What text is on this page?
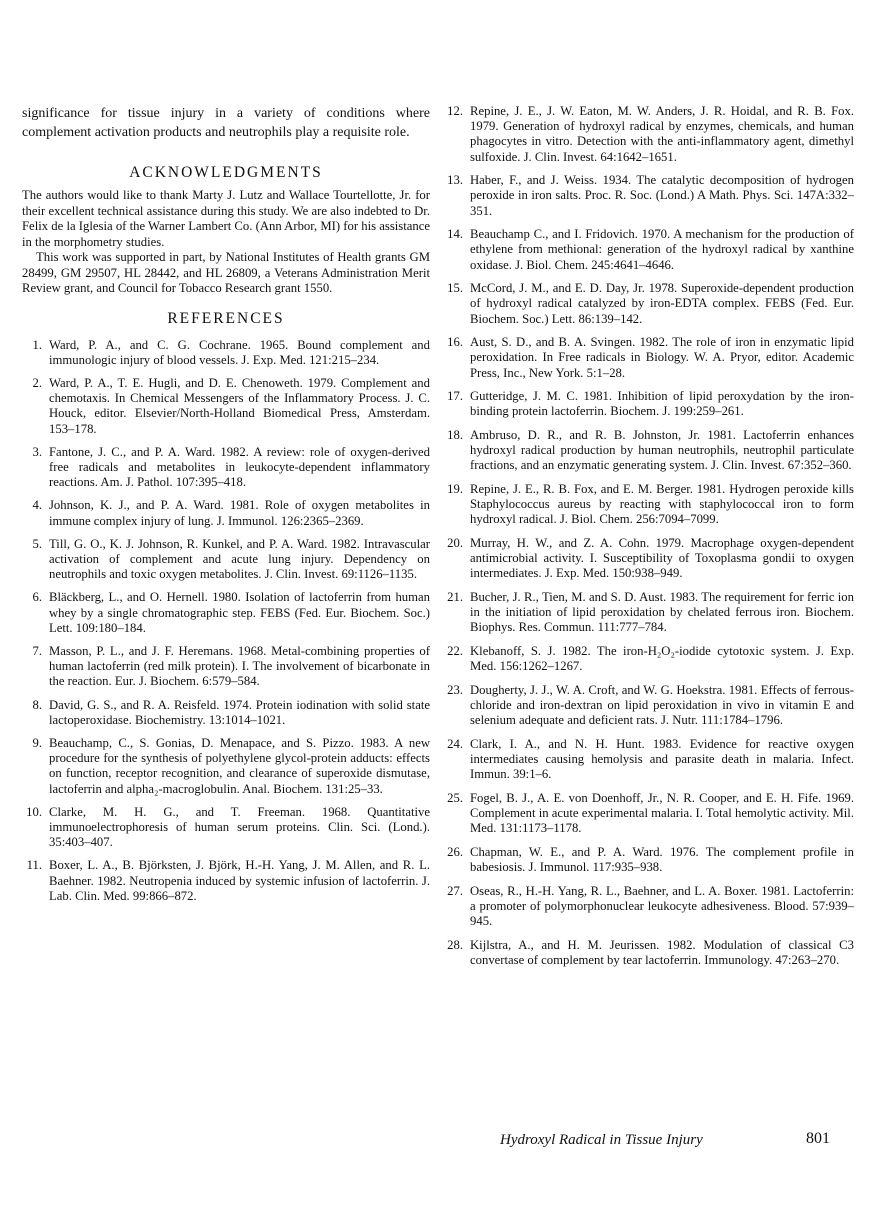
significance for tissue injury in a variety of conditions where complement activation products and neutrophils play a requisite role.

ACKNOWLEDGMENTS

The authors would like to thank Marty J. Lutz and Wallace Tourtellotte, Jr. for their excellent technical assistance during this study. We are also indebted to Dr. Felix de la Iglesia of the Warner Lambert Co. (Ann Arbor, MI) for his assistance in the morphometry studies.

This work was supported in part, by National Institutes of Health grants GM 28499, GM 29507, HL 28442, and HL 26809, a Veterans Administration Merit Review grant, and Council for Tobacco Research grant 1550.

REFERENCES
1. Ward, P. A., and C. G. Cochrane. 1965. Bound complement and immunologic injury of blood vessels. J. Exp. Med. 121:215–234.
2. Ward, P. A., T. E. Hugli, and D. E. Chenoweth. 1979. Complement and chemotaxis. In Chemical Messengers of the Inflammatory Process. J. C. Houck, editor. Elsevier/North-Holland Biomedical Press, Amsterdam. 153–178.
3. Fantone, J. C., and P. A. Ward. 1982. A review: role of oxygen-derived free radicals and metabolites in leukocyte-dependent inflammatory reactions. Am. J. Pathol. 107:395–418.
4. Johnson, K. J., and P. A. Ward. 1981. Role of oxygen metabolites in immune complex injury of lung. J. Immunol. 126:2365–2369.
5. Till, G. O., K. J. Johnson, R. Kunkel, and P. A. Ward. 1982. Intravascular activation of complement and acute lung injury. Dependency on neutrophils and toxic oxygen metabolites. J. Clin. Invest. 69:1126–1135.
6. Bläckberg, L., and O. Hernell. 1980. Isolation of lactoferrin from human whey by a single chromatographic step. FEBS (Fed. Eur. Biochem. Soc.) Lett. 109:180–184.
7. Masson, P. L., and J. F. Heremans. 1968. Metal-combining properties of human lactoferrin (red milk protein). I. The involvement of bicarbonate in the reaction. Eur. J. Biochem. 6:579–584.
8. David, G. S., and R. A. Reisfeld. 1974. Protein iodination with solid state lactoperoxidase. Biochemistry. 13:1014–1021.
9. Beauchamp, C., S. Gonias, D. Menapace, and S. Pizzo. 1983. A new procedure for the synthesis of polyethylene glycol-protein adducts: effects on function, receptor recognition, and clearance of superoxide dismutase, lactoferrin and alpha₂-macroglobulin. Anal. Biochem. 131:25–33.
10. Clarke, M. H. G., and T. Freeman. 1968. Quantitative immunoelectrophoresis of human serum proteins. Clin. Sci. (Lond.). 35:403–407.
11. Boxer, L. A., B. Björksten, J. Björk, H.-H. Yang, J. M. Allen, and R. L. Baehner. 1982. Neutropenia induced by systemic infusion of lactoferrin. J. Lab. Clin. Med. 99:866–872.
12. Repine, J. E., J. W. Eaton, M. W. Anders, J. R. Hoidal, and R. B. Fox. 1979. Generation of hydroxyl radical by enzymes, chemicals, and human phagocytes in vitro. Detection with the anti-inflammatory agent, dimethyl sulfoxide. J. Clin. Invest. 64:1642–1651.
13. Haber, F., and J. Weiss. 1934. The catalytic decomposition of hydrogen peroxide in iron salts. Proc. R. Soc. (Lond.) A Math. Phys. Sci. 147A:332–351.
14. Beauchamp C., and I. Fridovich. 1970. A mechanism for the production of ethylene from methional: generation of the hydroxyl radical by xanthine oxidase. J. Biol. Chem. 245:4641–4646.
15. McCord, J. M., and E. D. Day, Jr. 1978. Superoxide-dependent production of hydroxyl radical catalyzed by iron-EDTA complex. FEBS (Fed. Eur. Biochem. Soc.) Lett. 86:139–142.
16. Aust, S. D., and B. A. Svingen. 1982. The role of iron in enzymatic lipid peroxidation. In Free radicals in Biology. W. A. Pryor, editor. Academic Press, Inc., New York. 5:1–28.
17. Gutteridge, J. M. C. 1981. Inhibition of lipid peroxydation by the iron-binding protein lactoferrin. Biochem. J. 199:259–261.
18. Ambruso, D. R., and R. B. Johnston, Jr. 1981. Lactoferrin enhances hydroxyl radical production by human neutrophils, neutrophil particulate fractions, and an enzymatic generating system. J. Clin. Invest. 67:352–360.
19. Repine, J. E., R. B. Fox, and E. M. Berger. 1981. Hydrogen peroxide kills Staphylococcus aureus by reacting with staphylococcal iron to form hydroxyl radical. J. Biol. Chem. 256:7094–7099.
20. Murray, H. W., and Z. A. Cohn. 1979. Macrophage oxygen-dependent antimicrobial activity. I. Susceptibility of Toxoplasma gondii to oxygen intermediates. J. Exp. Med. 150:938–949.
21. Bucher, J. R., Tien, M. and S. D. Aust. 1983. The requirement for ferric ion in the initiation of lipid peroxidation by chelated ferrous iron. Biochem. Biophys. Res. Commun. 111:777–784.
22. Klebanoff, S. J. 1982. The iron-H₂O₂-iodide cytotoxic system. J. Exp. Med. 156:1262–1267.
23. Dougherty, J. J., W. A. Croft, and W. G. Hoekstra. 1981. Effects of ferrous-chloride and iron-dextran on lipid peroxidation in vivo in vitamin E and selenium adequate and deficient rats. J. Nutr. 111:1784–1796.
24. Clark, I. A., and N. H. Hunt. 1983. Evidence for reactive oxygen intermediates causing hemolysis and parasite death in malaria. Infect. Immun. 39:1–6.
25. Fogel, B. J., A. E. von Doenhoff, Jr., N. R. Cooper, and E. H. Fife. 1969. Complement in acute experimental malaria. I. Total hemolytic activity. Mil. Med. 131:1173–1178.
26. Chapman, W. E., and P. A. Ward. 1976. The complement profile in babesiosis. J. Immunol. 117:935–938.
27. Oseas, R., H.-H. Yang, R. L., Baehner, and L. A. Boxer. 1981. Lactoferrin: a promoter of polymorphonuclear leukocyte adhesiveness. Blood. 57:939–945.
28. Kijlstra, A., and H. M. Jeurissen. 1982. Modulation of classical C3 convertase of complement by tear lactoferrin. Immunology. 47:263–270.
Hydroxyl Radical in Tissue Injury	801
